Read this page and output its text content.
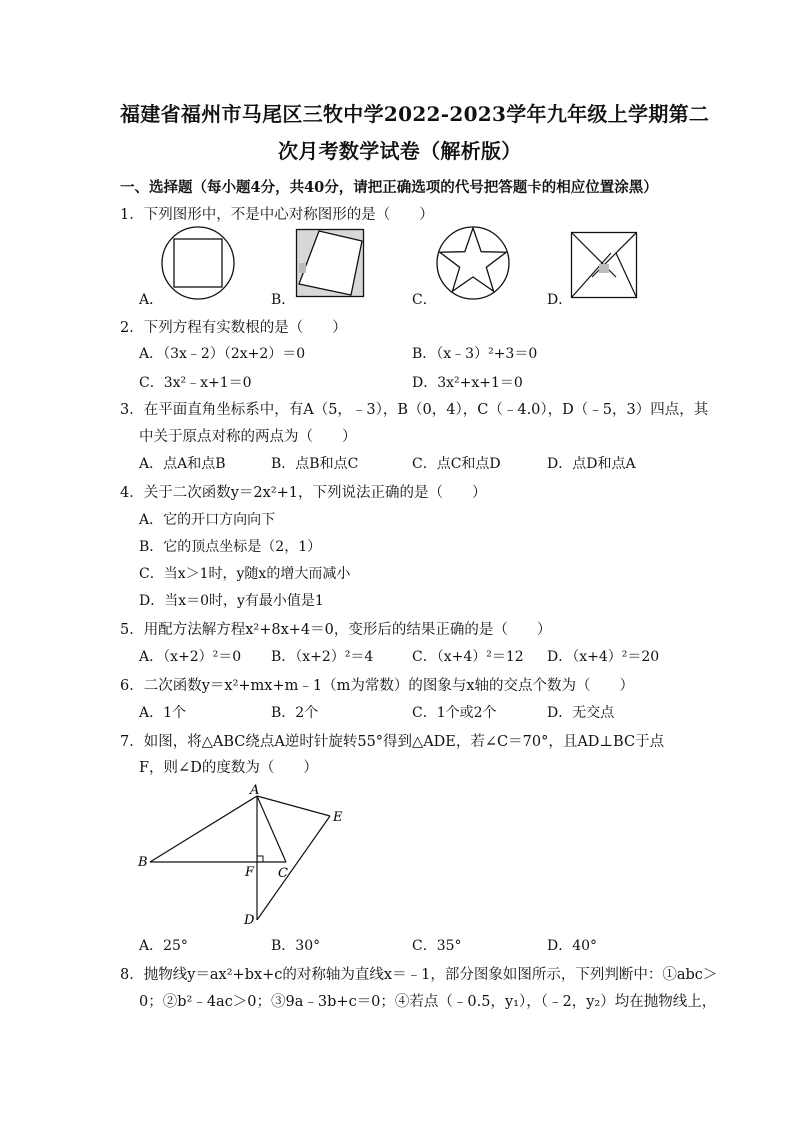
福建省福州市马尾区三牧中学2022-2023学年九年级上学期第二
次月考数学试卷（解析版）
一、选择题（每小题4分，共40分，请把正确选项的代号把答题卡的相应位置涂黑）
1．下列图形中，不是中心对称图形的是（　　）
A．	B．	C．	D．
2．下列方程有实数根的是（　　）
A．（3x﹣2）（2x+2）＝0	B．（x﹣3）²+3＝0
C．3x²﹣x+1＝0	D．3x²+x+1＝0
3．在平面直角坐标系中，有A（5，﹣3），B（0，4），C（﹣4.0），D（﹣5，3）四点，其
中关于原点对称的两点为（　　）
A．点A和点B	B．点B和点C	C．点C和点D	D．点D和点A
4．关于二次函数y＝2x²+1，下列说法正确的是（　　）
A．它的开口方向向下
B．它的顶点坐标是（2，1）
C．当x＞1时，y随x的增大而减小
D．当x＝0时，y有最小值是1
5．用配方法解方程x²+8x+4＝0，变形后的结果正确的是（　　）
A．（x+2）²＝0 B．（x+2）²＝4	C．（x+4）²＝12 D．（x+4）²＝20
6．二次函数y＝x²+mx+m﹣1（m为常数）的图象与x轴的交点个数为（　　）
A．1个	B．2个	C．1个或2个	D．无交点
7．如图，将△ABC绕点A逆时针旋转55°得到△ADE，若∠C＝70°，且AD⊥BC于点
F，则∠D的度数为（　　）
A
B
C
D
E
F
A．25°	B．30°	C．35°	D．40°
8．抛物线y＝ax²+bx+c的对称轴为直线x＝﹣1，部分图象如图所示，下列判断中：①abc＞
0；②b²﹣4ac＞0；③9a﹣3b+c＝0；④若点（﹣0.5，y₁），（﹣2，y₂）均在抛物线上，
